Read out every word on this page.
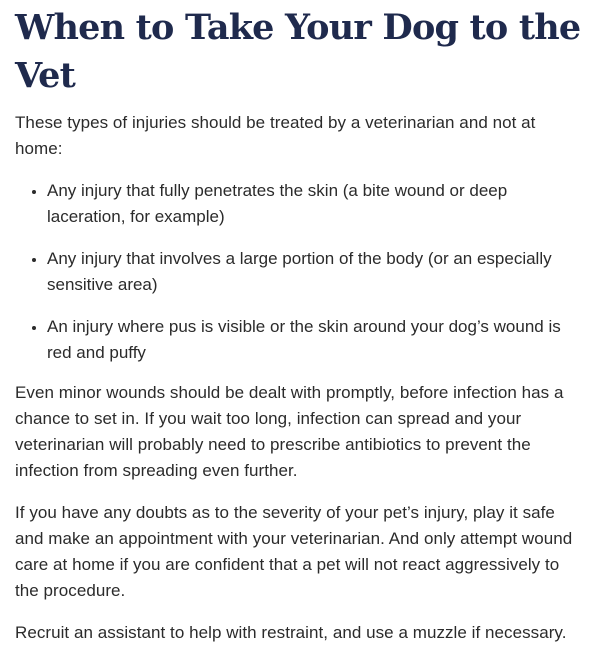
When to Take Your Dog to the Vet

These types of injuries should be treated by a veterinarian and not at home:

• Any injury that fully penetrates the skin (a bite wound or deep laceration, for example)
• Any injury that involves a large portion of the body (or an especially sensitive area)
• An injury where pus is visible or the skin around your dog’s wound is red and puffy

Even minor wounds should be dealt with promptly, before infection has a chance to set in. If you wait too long, infection can spread and your veterinarian will probably need to prescribe antibiotics to prevent the infection from spreading even further.

If you have any doubts as to the severity of your pet’s injury, play it safe and make an appointment with your veterinarian. And only attempt wound care at home if you are confident that a pet will not react aggressively to the procedure.

Recruit an assistant to help with restraint, and use a muzzle if necessary.
